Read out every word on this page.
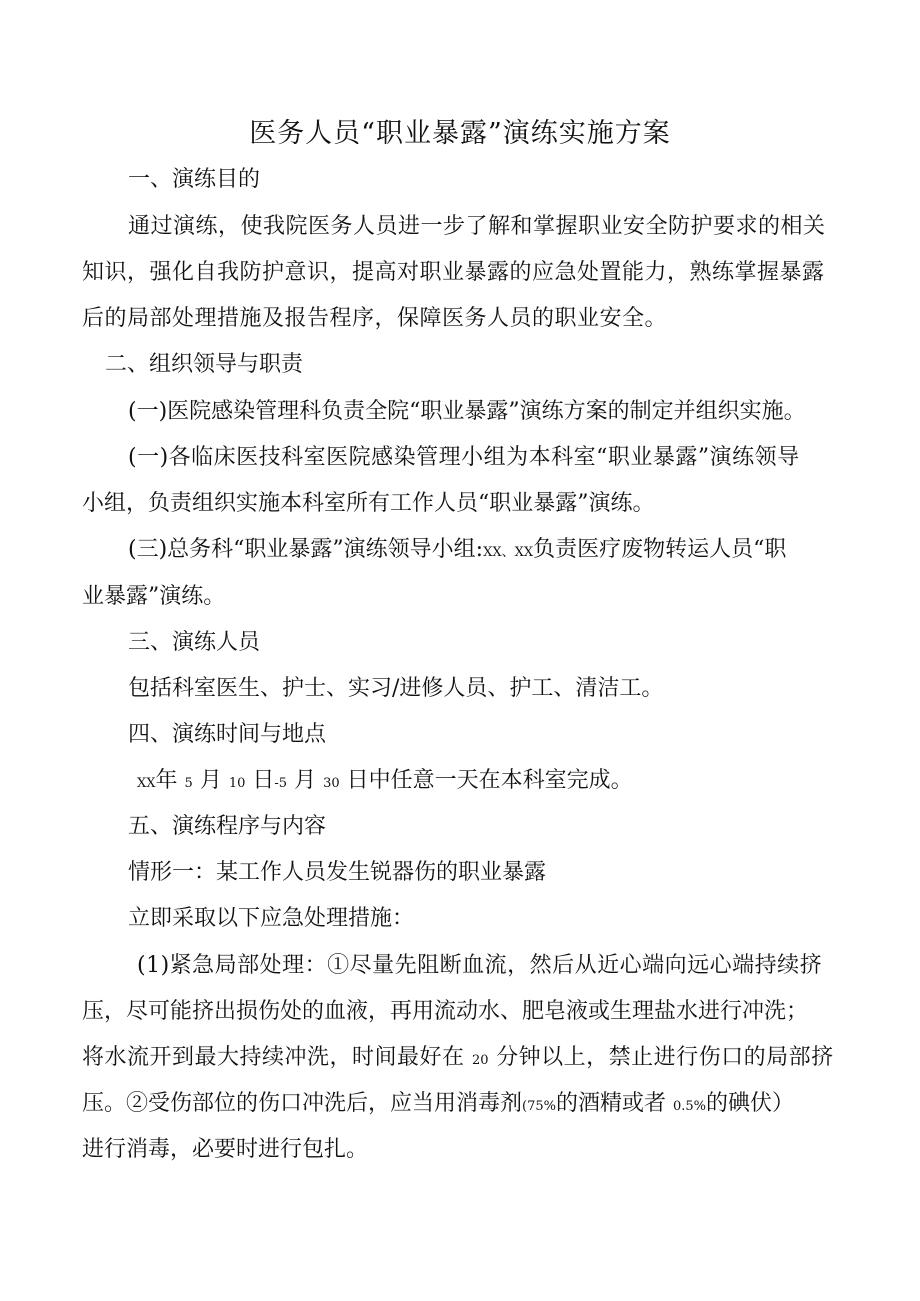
医务人员“职业暴露”演练实施方案
一、演练目的
通过演练，使我院医务人员进一步了解和掌握职业安全防护要求的相关
知识，强化自我防护意识，提高对职业暴露的应急处置能力，熟练掌握暴露
后的局部处理措施及报告程序，保障医务人员的职业安全。
二、组织领导与职责
(一)医院感染管理科负责全院“职业暴露”演练方案的制定并组织实施。
(一)各临床医技科室医院感染管理小组为本科室“职业暴露”演练领导
小组，负责组织实施本科室所有工作人员“职业暴露”演练。
(三)总务科“职业暴露”演练领导小组:XX、XX负责医疗废物转运人员“职
业暴露”演练。
三、演练人员
包括科室医生、护士、实习/进修人员、护工、清洁工。
四、演练时间与地点
XX年 5 月 10 日-5 月 30 日中任意一天在本科室完成。
五、演练程序与内容
情形一：某工作人员发生锐器伤的职业暴露
立即采取以下应急处理措施：
(1)紧急局部处理：①尽量先阻断血流，然后从近心端向远心端持续挤
压，尽可能挤出损伤处的血液，再用流动水、肥皂液或生理盐水进行冲洗；
将水流开到最大持续冲洗，时间最好在 20 分钟以上，禁止进行伤口的局部挤
压。②受伤部位的伤口冲洗后，应当用消毒剂(75%的酒精或者 0.5%的碘伏）
进行消毒，必要时进行包扎。
